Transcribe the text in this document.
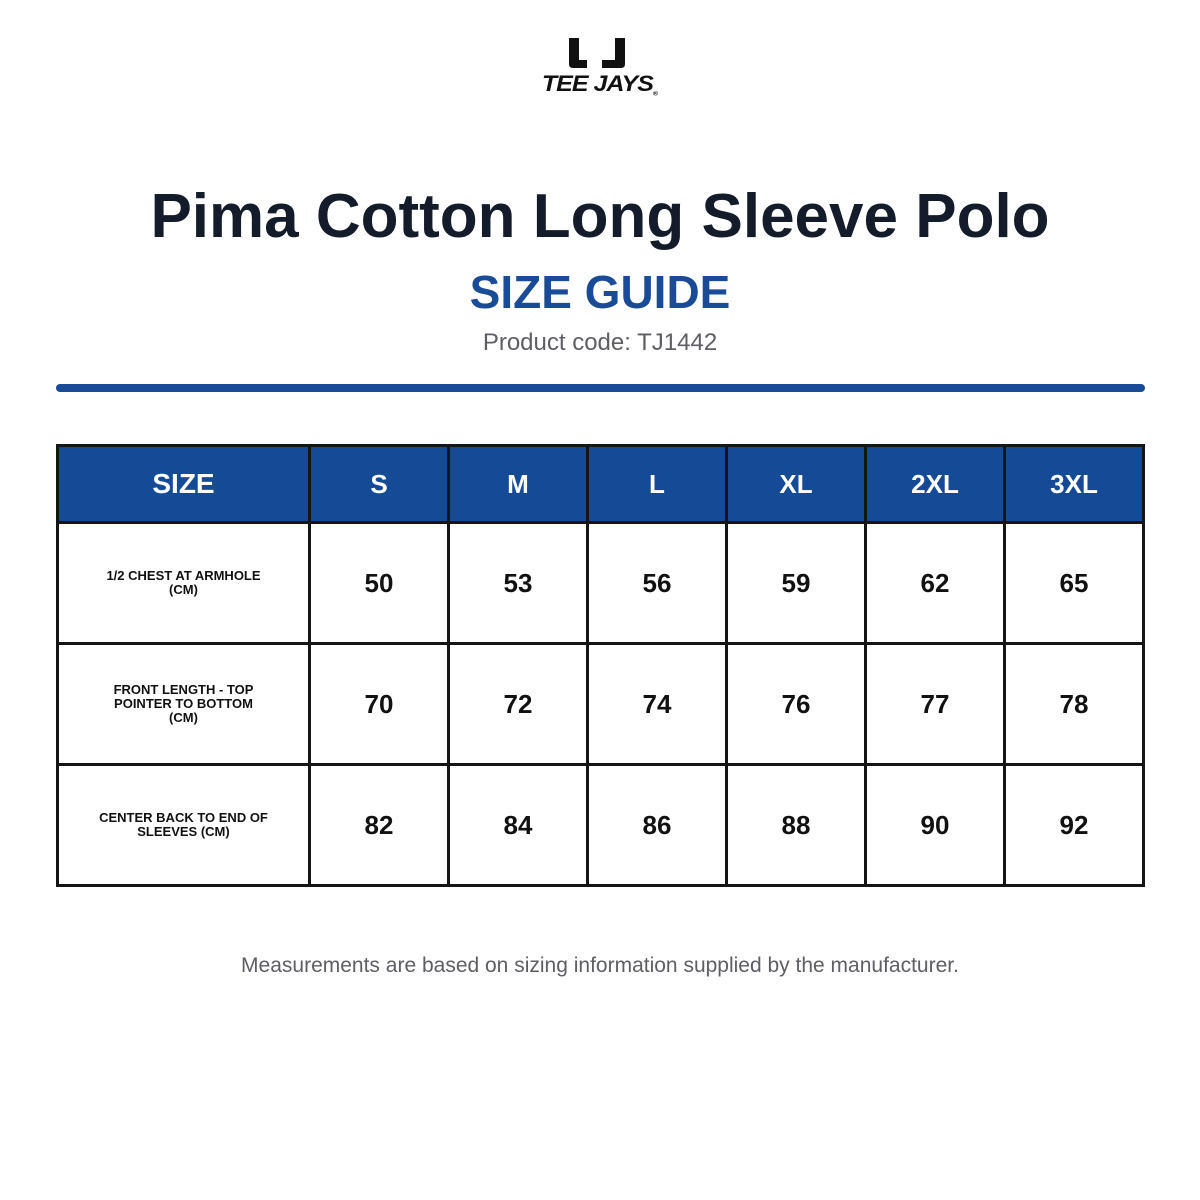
TEE JAYS®
Pima Cotton Long Sleeve Polo
SIZE GUIDE
Product code: TJ1442
SIZE	S	M	L	XL	2XL	3XL
1/2 CHEST AT ARMHOLE (CM)	50	53	56	59	62	65
FRONT LENGTH - TOP POINTER TO BOTTOM (CM)	70	72	74	76	77	78
CENTER BACK TO END OF SLEEVES (CM)	82	84	86	88	90	92
Measurements are based on sizing information supplied by the manufacturer.
